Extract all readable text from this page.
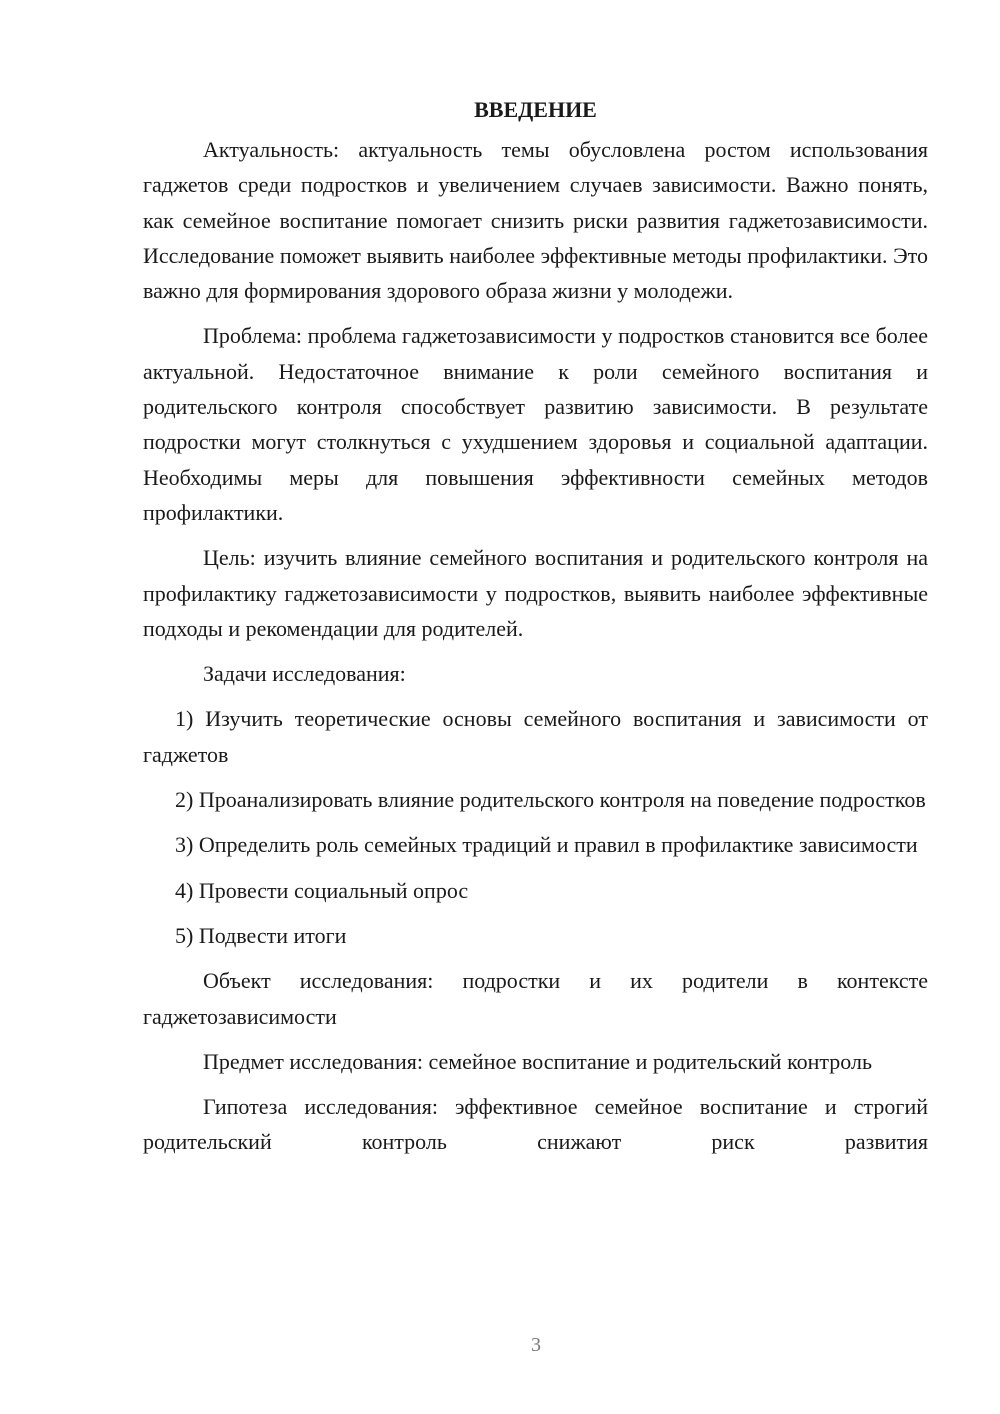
ВВЕДЕНИЕ

Актуальность: актуальность темы обусловлена ростом использования гаджетов среди подростков и увеличением случаев зависимости. Важно понять, как семейное воспитание помогает снизить риски развития гаджетозависимости. Исследование поможет выявить наиболее эффективные методы профилактики. Это важно для формирования здорового образа жизни у молодежи.

Проблема: проблема гаджетозависимости у подростков становится все более актуальной. Недостаточное внимание к роли семейного воспитания и родительского контроля способствует развитию зависимости. В результате подростки могут столкнуться с ухудшением здоровья и социальной адаптации. Необходимы меры для повышения эффективности семейных методов профилактики.

Цель: изучить влияние семейного воспитания и родительского контроля на профилактику гаджетозависимости у подростков, выявить наиболее эффективные подходы и рекомендации для родителей.

Задачи исследования:

1) Изучить теоретические основы семейного воспитания и зависимости от гаджетов

2) Проанализировать влияние родительского контроля на поведение подростков

3) Определить роль семейных традиций и правил в профилактике зависимости

4) Провести социальный опрос

5) Подвести итоги

Объект исследования: подростки и их родители в контексте гаджетозависимости

Предмет исследования: семейное воспитание и родительский контроль

Гипотеза исследования: эффективное семейное воспитание и строгий родительский контроль снижают риск развития

3
